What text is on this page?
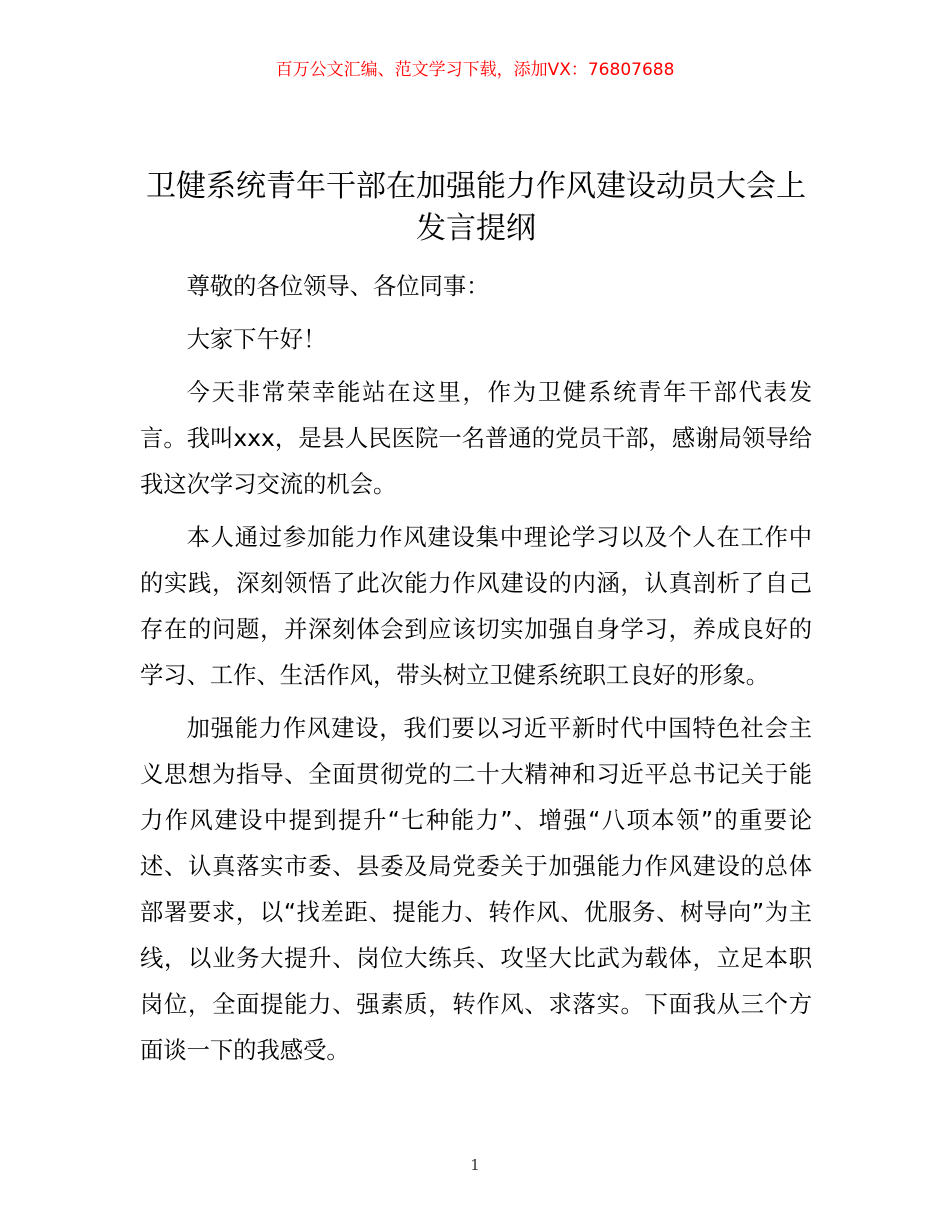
百万公文汇编、范文学习下载，添加VX：76807688
卫健系统青年干部在加强能力作风建设动员大会上发言提纲

尊敬的各位领导、各位同事：

大家下午好！

今天非常荣幸能站在这里，作为卫健系统青年干部代表发言。我叫xxx，是县人民医院一名普通的党员干部，感谢局领导给我这次学习交流的机会。

本人通过参加能力作风建设集中理论学习以及个人在工作中的实践，深刻领悟了此次能力作风建设的内涵，认真剖析了自己存在的问题，并深刻体会到应该切实加强自身学习，养成良好的学习、工作、生活作风，带头树立卫健系统职工良好的形象。

加强能力作风建设，我们要以习近平新时代中国特色社会主义思想为指导、全面贯彻党的二十大精神和习近平总书记关于能力作风建设中提到提升“七种能力”、增强“八项本领”的重要论述、认真落实市委、县委及局党委关于加强能力作风建设的总体部署要求，以“找差距、提能力、转作风、优服务、树导向”为主线，以业务大提升、岗位大练兵、攻坚大比武为载体，立足本职岗位，全面提能力、强素质，转作风、求落实。下面我从三个方面谈一下的我感受。

1
